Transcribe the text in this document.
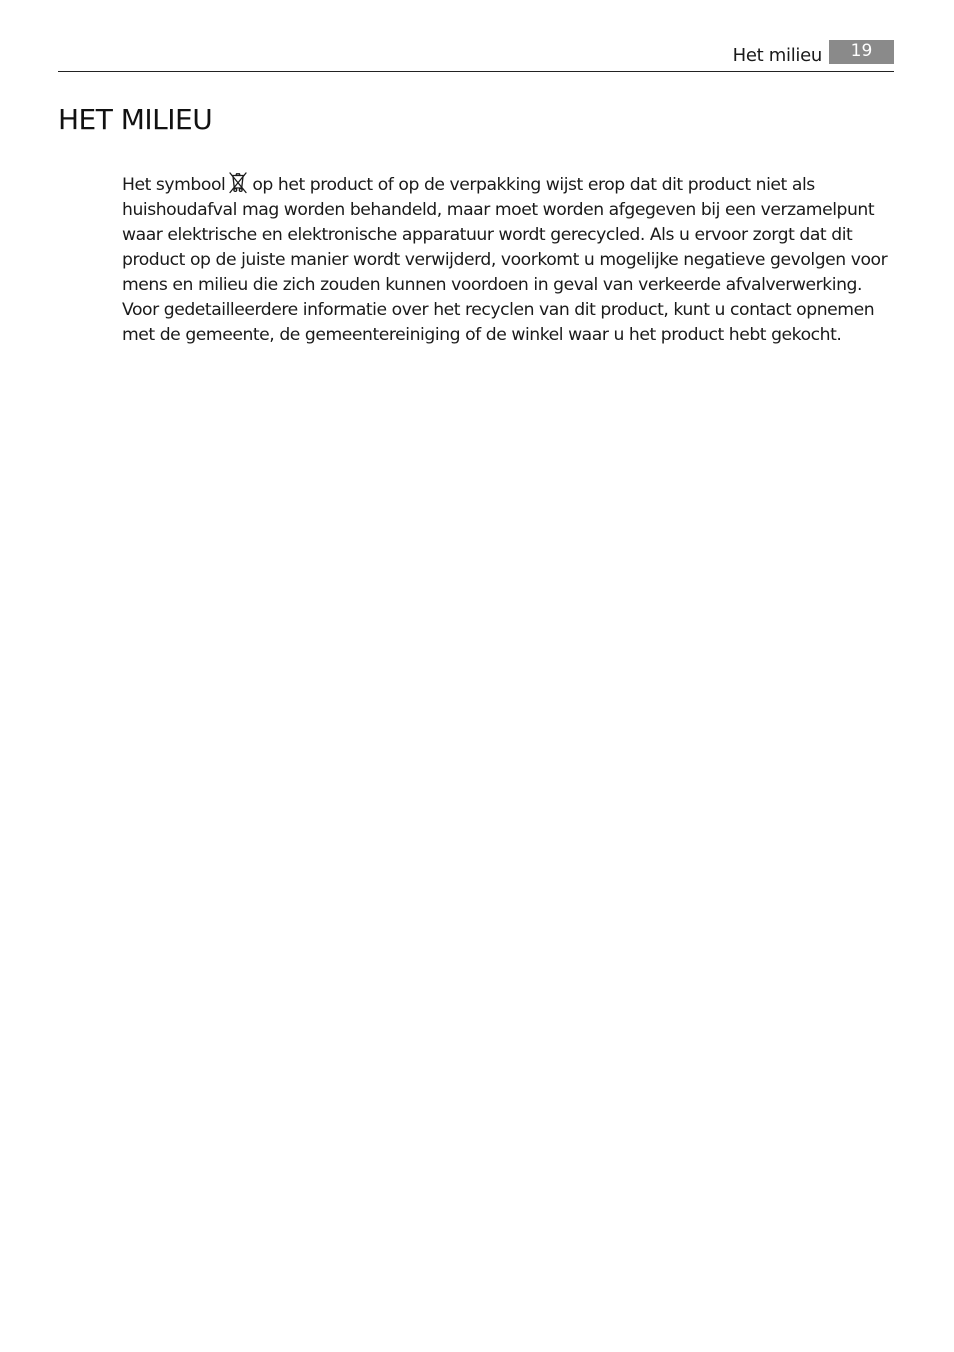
Het milieu	19
HET MILIEU

Het symbool op het product of op de verpakking wijst erop dat dit product niet als huishoudafval mag worden behandeld, maar moet worden afgegeven bij een verzamelpunt waar elektrische en elektronische apparatuur wordt gerecycled. Als u ervoor zorgt dat dit product op de juiste manier wordt verwijderd, voorkomt u mogelijke negatieve gevolgen voor mens en milieu die zich zouden kunnen voordoen in geval van verkeerde afvalverwerking. Voor gedetailleerdere informatie over het recyclen van dit product, kunt u contact opnemen met de gemeente, de gemeentereiniging of de winkel waar u het product hebt gekocht.
